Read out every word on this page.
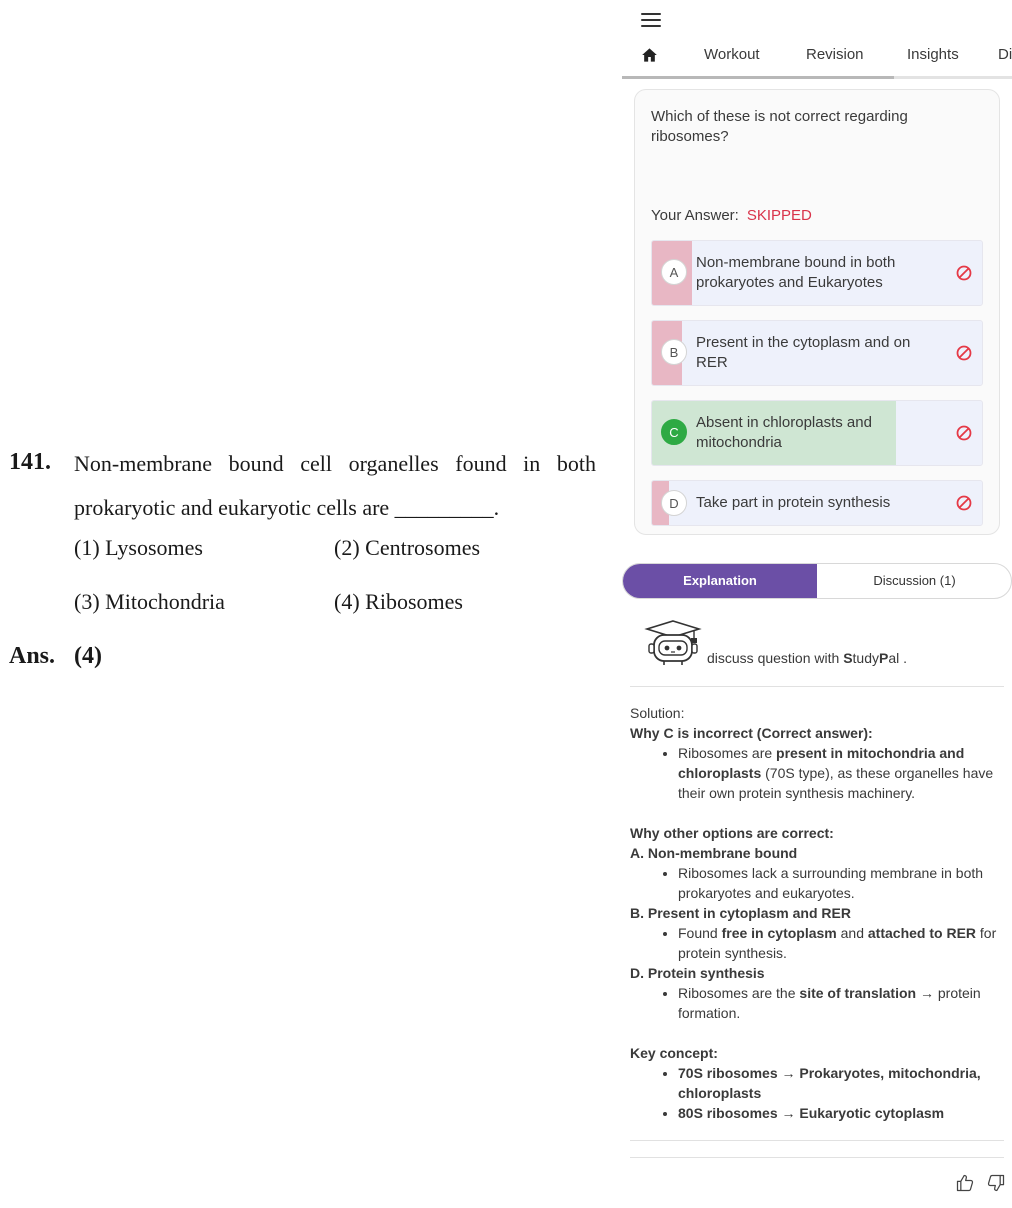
141. Non-membrane bound cell organelles found in both
prokaryotic and eukaryotic cells are _________.
(1) Lysosomes	(2) Centrosomes
(3) Mitochondria	(4) Ribosomes
Ans. (4)
Workout	Revision	Insights	Di
Which of these is not correct regarding ribosomes?
Your Answer: SKIPPED
A
Non-membrane bound in both prokaryotes and Eukaryotes
B
Present in the cytoplasm and on RER
C
Absent in chloroplasts and mitochondria
D	Take part in protein synthesis
Explanation	Discussion (1)
discuss question with StudyPal .
Solution:
Why C is incorrect (Correct answer):
• Ribosomes are present in mitochondria and chloroplasts (70S type), as these organelles have their own protein synthesis machinery.
Why other options are correct:
A. Non-membrane bound
• Ribosomes lack a surrounding membrane in both prokaryotes and eukaryotes.
B. Present in cytoplasm and RER
• Found free in cytoplasm and attached to RER for protein synthesis.
D. Protein synthesis
• Ribosomes are the site of translation → protein formation.
Key concept:
• 70S ribosomes → Prokaryotes, mitochondria, chloroplasts
• 80S ribosomes → Eukaryotic cytoplasm
